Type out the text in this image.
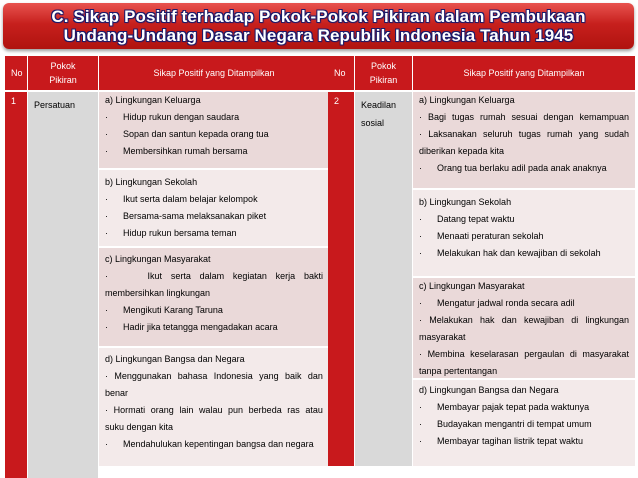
C. Sikap Positif terhadap Pokok-Pokok Pikiran dalam Pembukaan
Undang-Undang Dasar Negara Republik Indonesia Tahun 1945
No
Pokok
Pikiran
Sikap Positif yang Ditampilkan
1 Persatuan	a) Lingkungan Keluarga
· Hidup rukun dengan saudara
· Sopan dan santun kepada orang tua
· Membersihkan rumah bersama
b) Lingkungan Sekolah
· Ikut serta dalam belajar kelompok
· Bersama-sama melaksanakan piket
· Hidup rukun bersama teman
c) Lingkungan Masyarakat
·	Ikut serta dalam kegiatan kerja bakti
membersihkan lingkungan
· Mengikuti Karang Taruna
· Hadir jika tetangga mengadakan acara
d) Lingkungan Bangsa dan Negara
· Menggunakan bahasa Indonesia yang baik dan
benar
· Hormati orang lain walau pun berbeda ras atau
suku dengan kita
· Mendahulukan kepentingan bangsa dan negara
No
Pokok
Pikiran
Sikap Positif yang Ditampilkan
2 Keadilan
sosial
a) Lingkungan Keluarga
· Bagi tugas rumah sesuai dengan kemampuan
· Laksanakan seluruh tugas rumah yang sudah
diberikan kepada kita
· Orang tua berlaku adil pada anak anaknya
b) Lingkungan Sekolah
· Datang tepat waktu
· Menaati peraturan sekolah
· Melakukan hak dan kewajiban di sekolah
c) Lingkungan Masyarakat
· Mengatur jadwal ronda secara adil
· Melakukan hak dan kewajiban di lingkungan
masyarakat
· Membina keselarasan pergaulan di masyarakat
tanpa pertentangan
d) Lingkungan Bangsa dan Negara
· Membayar pajak tepat pada waktunya
· Budayakan mengantri di tempat umum
· Membayar tagihan listrik tepat waktu
